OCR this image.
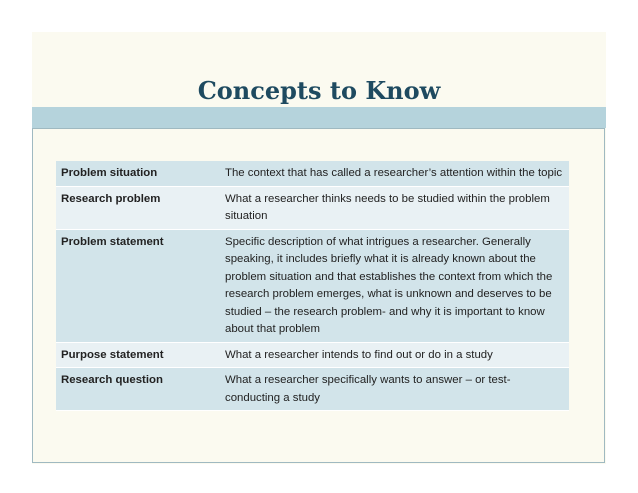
Concepts to Know
Problem situation	The context that has called a researcher’s attention within the topic
Research problem	What a researcher thinks needs to be studied within the problem situation
Problem statement	Specific description of what intrigues a researcher. Generally speaking, it includes briefly what it is already known about the problem situation and that establishes the context from which the research problem emerges, what is unknown and deserves to be studied – the research problem- and why it is important to know about that problem
Purpose statement	What a researcher intends to find out or do in a study
Research question	What a researcher specifically wants to answer – or test-conducting a study
